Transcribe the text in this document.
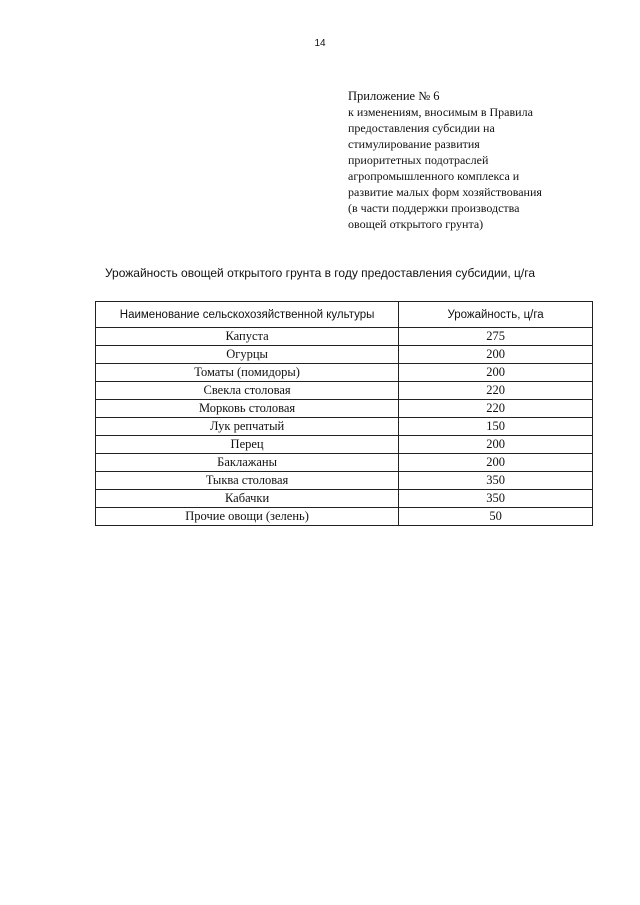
14
Приложение № 6
к изменениям, вносимым в Правила
предоставления субсидии на
стимулирование развития
приоритетных подотраслей
агропромышленного комплекса и
развитие малых форм хозяйствования
(в части поддержки производства
овощей открытого грунта)
Урожайность овощей открытого грунта в году предоставления субсидии, ц/га
Наименование сельскохозяйственной культуры	Урожайность, ц/га
Капуста	275
Огурцы	200
Томаты (помидоры)	200
Свекла столовая	220
Морковь столовая	220
Лук репчатый	150
Перец	200
Баклажаны	200
Тыква столовая	350
Кабачки	350
Прочие овощи (зелень)	50
